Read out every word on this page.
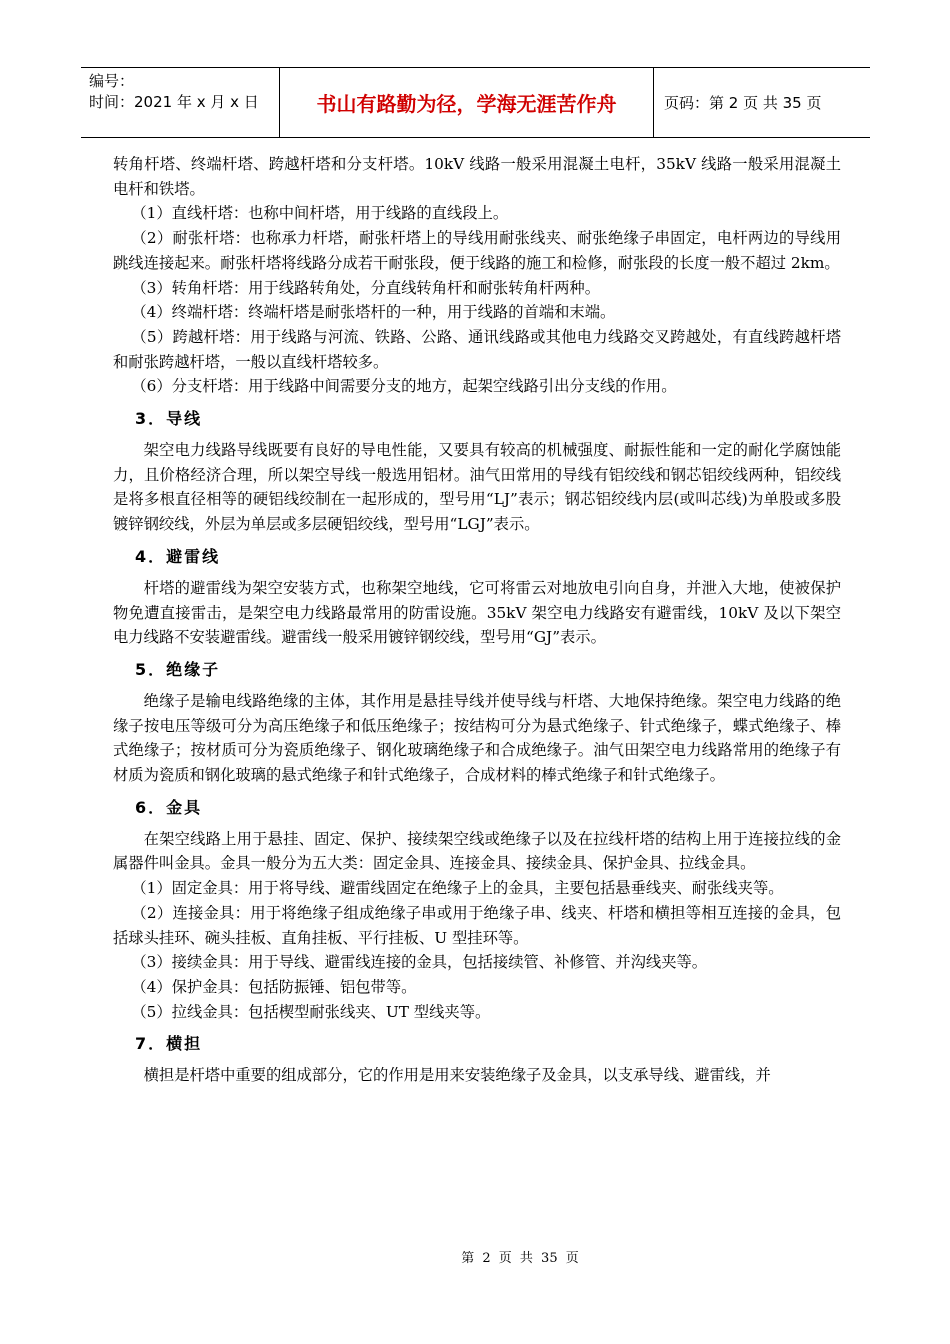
编号：
时间：2021 年 x 月 x 日	书山有路勤为径，学海无涯苦作舟	页码：第 2 页 共 35 页

转角杆塔、终端杆塔、跨越杆塔和分支杆塔。10kV 线路一般采用混凝土电杆，35kV 线路一般采用混凝土电杆和铁塔。

（1）直线杆塔：也称中间杆塔，用于线路的直线段上。

（2）耐张杆塔：也称承力杆塔，耐张杆塔上的导线用耐张线夹、耐张绝缘子串固定，电杆两边的导线用跳线连接起来。耐张杆塔将线路分成若干耐张段，便于线路的施工和检修，耐张段的长度一般不超过 2km。

（3）转角杆塔：用于线路转角处，分直线转角杆和耐张转角杆两种。

（4）终端杆塔：终端杆塔是耐张塔杆的一种，用于线路的首端和末端。

（5）跨越杆塔：用于线路与河流、铁路、公路、通讯线路或其他电力线路交叉跨越处，有直线跨越杆塔和耐张跨越杆塔，一般以直线杆塔较多。

（6）分支杆塔：用于线路中间需要分支的地方，起架空线路引出分支线的作用。

3．导线

架空电力线路导线既要有良好的导电性能，又要具有较高的机械强度、耐振性能和一定的耐化学腐蚀能力，且价格经济合理，所以架空导线一般选用铝材。油气田常用的导线有铝绞线和钢芯铝绞线两种，铝绞线是将多根直径相等的硬铝线绞制在一起形成的，型号用“LJ”表示；钢芯铝绞线内层(或叫芯线)为单股或多股镀锌钢绞线，外层为单层或多层硬铝绞线，型号用“LGJ”表示。

4．避雷线

杆塔的避雷线为架空安装方式，也称架空地线，它可将雷云对地放电引向自身，并泄入大地，使被保护物免遭直接雷击，是架空电力线路最常用的防雷设施。35kV 架空电力线路安有避雷线，10kV 及以下架空电力线路不安装避雷线。避雷线一般采用镀锌钢绞线，型号用“GJ”表示。

5．绝缘子

绝缘子是输电线路绝缘的主体，其作用是悬挂导线并使导线与杆塔、大地保持绝缘。架空电力线路的绝缘子按电压等级可分为高压绝缘子和低压绝缘子；按结构可分为悬式绝缘子、针式绝缘子，蝶式绝缘子、棒式绝缘子；按材质可分为瓷质绝缘子、钢化玻璃绝缘子和合成绝缘子。油气田架空电力线路常用的绝缘子有材质为瓷质和钢化玻璃的悬式绝缘子和针式绝缘子，合成材料的棒式绝缘子和针式绝缘子。

6．金具

在架空线路上用于悬挂、固定、保护、接续架空线或绝缘子以及在拉线杆塔的结构上用于连接拉线的金属器件叫金具。金具一般分为五大类：固定金具、连接金具、接续金具、保护金具、拉线金具。

（1）固定金具：用于将导线、避雷线固定在绝缘子上的金具，主要包括悬垂线夹、耐张线夹等。

（2）连接金具：用于将绝缘子组成绝缘子串或用于绝缘子串、线夹、杆塔和横担等相互连接的金具，包括球头挂环、碗头挂板、直角挂板、平行挂板、U 型挂环等。

（3）接续金具：用于导线、避雷线连接的金具，包括接续管、补修管、并沟线夹等。

（4）保护金具：包括防振锤、铝包带等。

（5）拉线金具：包括楔型耐张线夹、UT 型线夹等。

7．横担

横担是杆塔中重要的组成部分，它的作用是用来安装绝缘子及金具，以支承导线、避雷线，并

第 2 页 共 35 页
